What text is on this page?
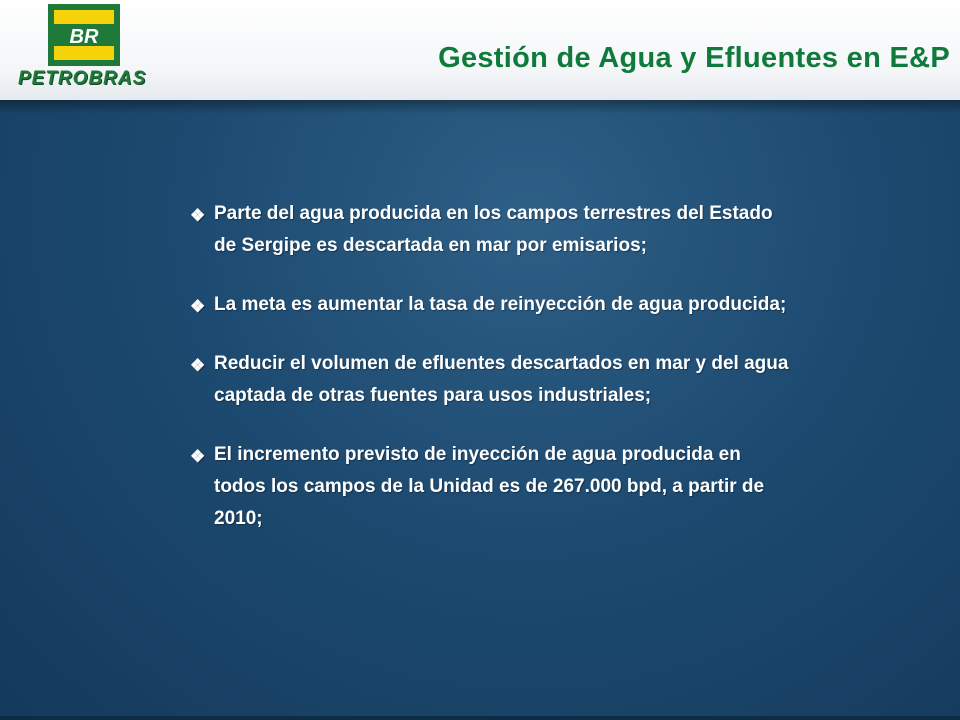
BR
PETROBRAS
Gestión de Agua y Efluentes en E&P
❖ Parte del agua producida en los campos terrestres del Estado de Sergipe es descartada en mar por emisarios;
❖ La meta es aumentar la tasa de reinyección de agua producida;
❖ Reducir el volumen de efluentes descartados en mar y del agua captada de otras fuentes para usos industriales;
❖ El incremento previsto de inyección de agua producida en todos los campos de la Unidad es de 267.000 bpd, a partir de 2010;
